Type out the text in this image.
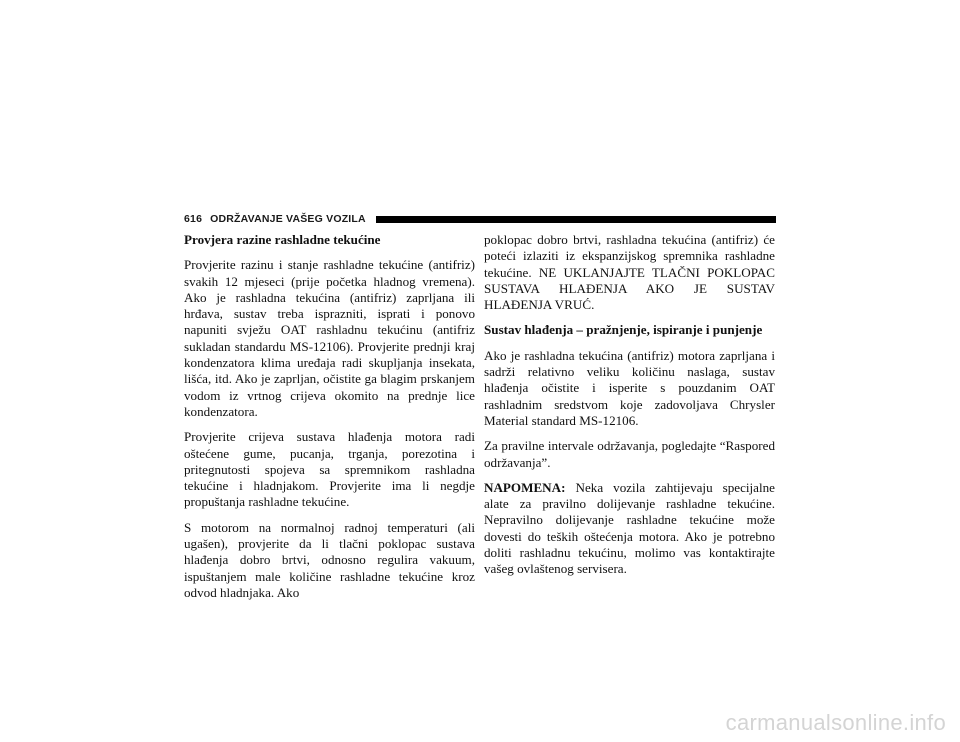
616 ODRŽAVANJE VAŠEG VOZILA
Provjera razine rashladne tekućine

Provjerite razinu i stanje rashladne tekućine (antifriz) svakih 12 mjeseci (prije početka hladnog vremena). Ako je rashladna tekućina (antifriz) zaprljana ili hrđava, sustav treba isprazniti, isprati i ponovo napuniti svježu OAT rashladnu tekućinu (antifriz sukladan standardu MS-12106). Provjerite prednji kraj kondenzatora klima uređaja radi skupljanja insekata, lišća, itd. Ako je zaprljan, očistite ga blagim prskanjem vodom iz vrtnog crijeva okomito na prednje lice kondenzatora.

Provjerite crijeva sustava hlađenja motora radi oštećene gume, pucanja, trganja, porezotina i pritegnutosti spojeva sa spremnikom rashladna tekućine i hladnjakom. Provjerite ima li negdje propuštanja rashladne tekućine.

S motorom na normalnoj radnoj temperaturi (ali ugašen), provjerite da li tlačni poklopac sustava hlađenja dobro brtvi, odnosno regulira vakuum, ispuštanjem male količine rashladne tekućine kroz odvod hladnjaka. Ako

poklopac dobro brtvi, rashladna tekućina (antifriz) će poteći izlaziti iz ekspanzijskog spremnika rashladne tekućine. NE UKLANJAJTE TLAČNI POKLOPAC SUSTAVA HLAĐENJA AKO JE SUSTAV HLAĐENJA VRUĆ.

Sustav hlađenja – pražnjenje, ispiranje i punjenje

Ako je rashladna tekućina (antifriz) motora zaprljana i sadrži relativno veliku količinu naslaga, sustav hlađenja očistite i isperite s pouzdanim OAT rashladnim sredstvom koje zadovoljava Chrysler Material standard MS-12106.

Za pravilne intervale održavanja, pogledajte “Raspored održavanja”.

NAPOMENA: Neka vozila zahtijevaju specijalne alate za pravilno dolijevanje rashladne tekućine. Nepravilno dolijevanje rashladne tekućine može dovesti do teških oštećenja motora. Ako je potrebno doliti rashladnu tekućinu, molimo vas kontaktirajte vašeg ovlaštenog servisera.

carmanualsonline.info
